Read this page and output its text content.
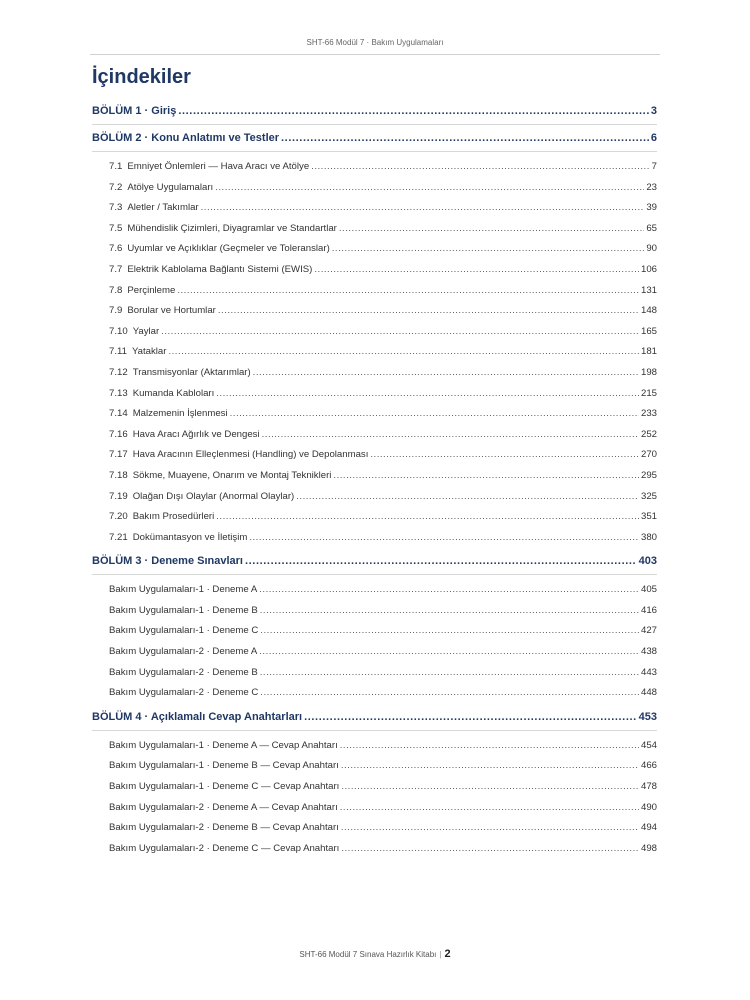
SHT-66 Modül 7 · Bakım Uygulamaları
İçindekiler
BÖLÜM 1 · Giriş .....	3
BÖLÜM 2 · Konu Anlatımı ve Testler .....	6
7.1 Emniyet Önlemleri — Hava Aracı ve Atölye .....	7
7.2 Atölye Uygulamaları .....	23
7.3 Aletler / Takımlar .....	39
7.5 Mühendislik Çizimleri, Diyagramlar ve Standartlar .....	65
7.6 Uyumlar ve Açıklıklar (Geçmeler ve Toleranslar) .....	90
7.7 Elektrik Kablolama Bağlantı Sistemi (EWIS) .....	106
7.8 Perçinleme .....	131
7.9 Borular ve Hortumlar .....	148
7.10 Yaylar .....	165
7.11 Yataklar .....	181
7.12 Transmisyonlar (Aktarımlar) .....	198
7.13 Kumanda Kabloları .....	215
7.14 Malzemenin İşlenmesi .....	233
7.16 Hava Aracı Ağırlık ve Dengesi .....	252
7.17 Hava Aracının Elleçlenmesi (Handling) ve Depolanması .....	270
7.18 Sökme, Muayene, Onarım ve Montaj Teknikleri .....	295
7.19 Olağan Dışı Olaylar (Anormal Olaylar) .....	325
7.20 Bakım Prosedürleri .....	351
7.21 Dokümantasyon ve İletişim .....	380
BÖLÜM 3 · Deneme Sınavları .....	403
Bakım Uygulamaları-1 · Deneme A .....	405
Bakım Uygulamaları-1 · Deneme B .....	416
Bakım Uygulamaları-1 · Deneme C .....	427
Bakım Uygulamaları-2 · Deneme A .....	438
Bakım Uygulamaları-2 · Deneme B .....	443
Bakım Uygulamaları-2 · Deneme C .....	448
BÖLÜM 4 · Açıklamalı Cevap Anahtarları .....	453
Bakım Uygulamaları-1 · Deneme A — Cevap Anahtarı .....	454
Bakım Uygulamaları-1 · Deneme B — Cevap Anahtarı .....	466
Bakım Uygulamaları-1 · Deneme C — Cevap Anahtarı .....	478
Bakım Uygulamaları-2 · Deneme A — Cevap Anahtarı .....	490
Bakım Uygulamaları-2 · Deneme B — Cevap Anahtarı .....	494
Bakım Uygulamaları-2 · Deneme C — Cevap Anahtarı .....	498
SHT-66 Modül 7 Sınava Hazırlık Kitabı | 2
